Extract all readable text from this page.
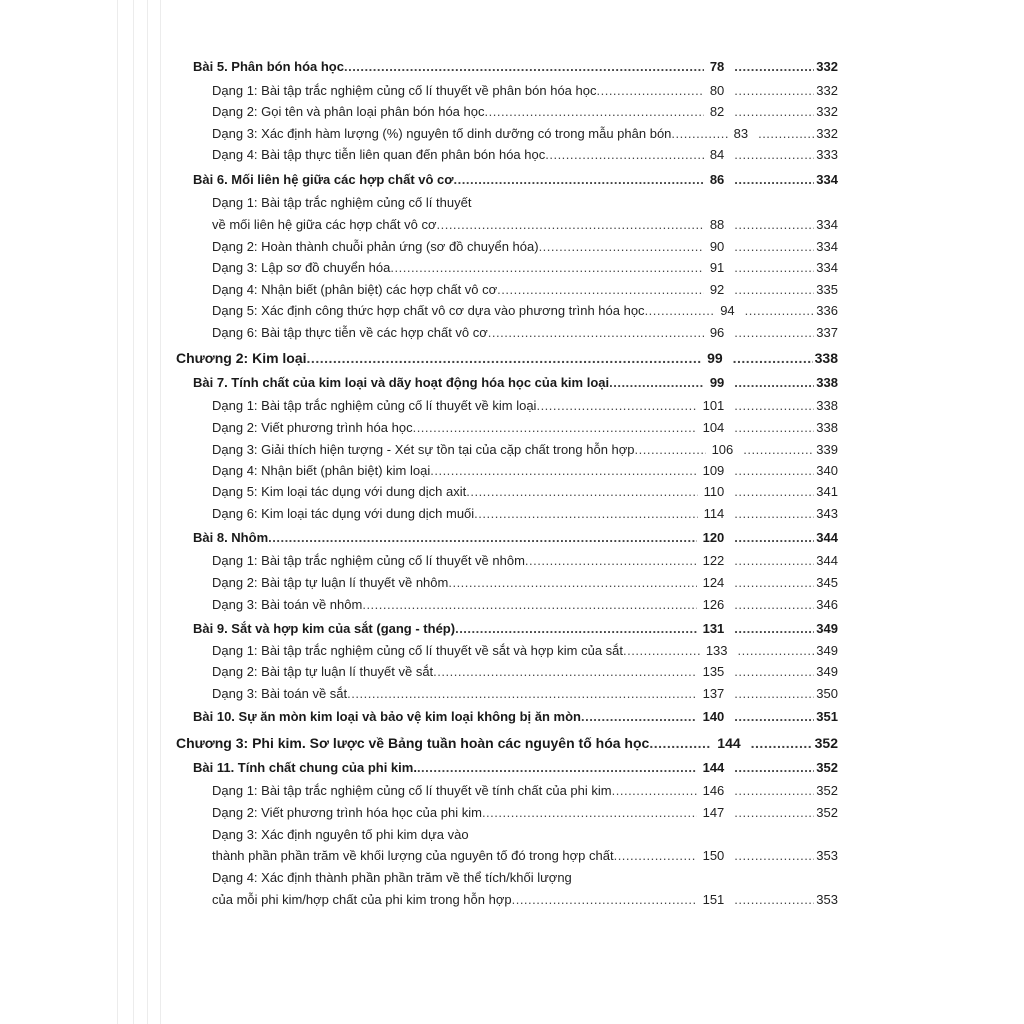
Bài 5. Phân bón hóa học .....	78 .....	332
Dạng 1: Bài tập trắc nghiệm củng cố lí thuyết về phân bón hóa học .....	80 .....	332
Dạng 2: Gọi tên và phân loại phân bón hóa học .....	82 .....	332
Dạng 3: Xác định hàm lượng (%) nguyên tố dinh dưỡng có trong mẫu phân bón .....	83 .....	332
Dạng 4: Bài tập thực tiễn liên quan đến phân bón hóa học .....	84 .....	333
Bài 6. Mối liên hệ giữa các hợp chất vô cơ .....	86 .....	334
Dạng 1: Bài tập trắc nghiệm củng cố lí thuyết
về mối liên hệ giữa các hợp chất vô cơ .....	88 .....	334
Dạng 2: Hoàn thành chuỗi phản ứng (sơ đồ chuyển hóa) .....	90 .....	334
Dạng 3: Lập sơ đồ chuyển hóa .....	91 .....	334
Dạng 4: Nhận biết (phân biệt) các hợp chất vô cơ .....	92 .....	335
Dạng 5: Xác định công thức hợp chất vô cơ dựa vào phương trình hóa học .....	94 .....	336
Dạng 6: Bài tập thực tiễn về các hợp chất vô cơ .....	96 .....	337
Chương 2: Kim loại .....	99 .....	338
Bài 7. Tính chất của kim loại và dãy hoạt động hóa học của kim loại .....	99 .....	338
Dạng 1: Bài tập trắc nghiệm củng cố lí thuyết về kim loại .....	101 .....	338
Dạng 2: Viết phương trình hóa học .....	104 .....	338
Dạng 3: Giải thích hiện tượng - Xét sự tồn tại của cặp chất trong hỗn hợp .....	106 .....	339
Dạng 4: Nhận biết (phân biệt) kim loại .....	109 .....	340
Dạng 5: Kim loại tác dụng với dung dịch axit .....	110 .....	341
Dạng 6: Kim loại tác dụng với dung dịch muối .....	114 .....	343
Bài 8. Nhôm .....	120 .....	344
Dạng 1: Bài tập trắc nghiệm củng cố lí thuyết về nhôm .....	122 .....	344
Dạng 2: Bài tập tự luận lí thuyết về nhôm .....	124 .....	345
Dạng 3: Bài toán về nhôm .....	126 .....	346
Bài 9. Sắt và hợp kim của sắt (gang - thép) .....	131 .....	349
Dạng 1: Bài tập trắc nghiệm củng cố lí thuyết về sắt và hợp kim của sắt .....	133 .....	349
Dạng 2: Bài tập tự luận lí thuyết về sắt .....	135 .....	349
Dạng 3: Bài toán về sắt .....	137 .....	350
Bài 10. Sự ăn mòn kim loại và bảo vệ kim loại không bị ăn mòn .....	140 .....	351
Chương 3: Phi kim. Sơ lược về Bảng tuần hoàn các nguyên tố hóa học .....	144 .....	352
Bài 11. Tính chất chung của phi kim. .....	144 .....	352
Dạng 1: Bài tập trắc nghiệm củng cố lí thuyết về tính chất của phi kim .....	146 .....	352
Dạng 2: Viết phương trình hóa học của phi kim .....	147 .....	352
Dạng 3: Xác định nguyên tố phi kim dựa vào
thành phần phần trăm về khối lượng của nguyên tố đó trong hợp chất .....	150 .....	353
Dạng 4: Xác định thành phần phần trăm về thể tích/khối lượng
của mỗi phi kim/hợp chất của phi kim trong hỗn hợp .....	151 .....	353
